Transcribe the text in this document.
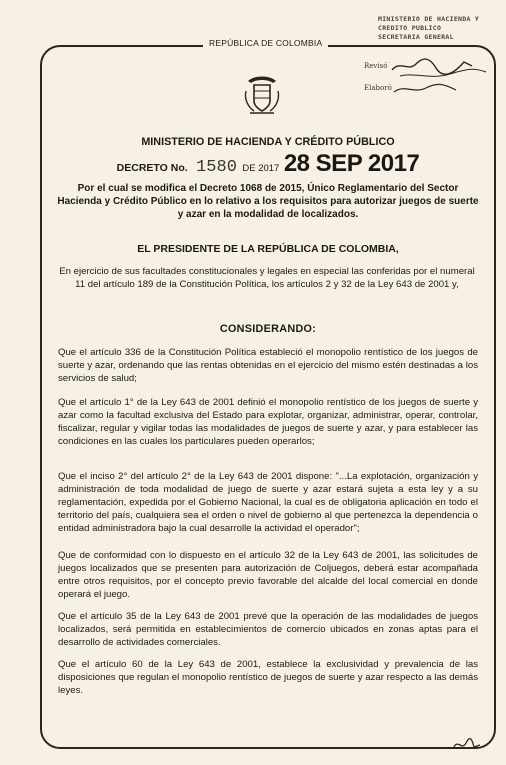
REPÚBLICA DE COLOMBIA
MINISTERIO DE HACIENDA Y CREDITO PUBLICO
SECRETARIA GENERAL
Revisó
Elaboró
MINISTERIO DE HACIENDA Y CRÉDITO PÚBLICO
DECRETO No. 1580 DE 2017 28 SEP 2017
Por el cual se modifica el Decreto 1068 de 2015, Único Reglamentario del Sector Hacienda y Crédito Público en lo relativo a los requisitos para autorizar juegos de suerte y azar en la modalidad de localizados.
EL PRESIDENTE DE LA REPÚBLICA DE COLOMBIA,
En ejercicio de sus facultades constitucionales y legales en especial las conferidas por el numeral 11 del artículo 189 de la Constitución Política, los artículos 2 y 32 de la Ley 643 de 2001 y,
CONSIDERANDO:
Que el artículo 336 de la Constitución Política estableció el monopolio rentístico de los juegos de suerte y azar, ordenando que las rentas obtenidas en el ejercicio del mismo estén destinadas a los servicios de salud;
Que el artículo 1° de la Ley 643 de 2001 definió el monopolio rentístico de los juegos de suerte y azar como la facultad exclusiva del Estado para explotar, organizar, administrar, operar, controlar, fiscalizar, regular y vigilar todas las modalidades de juegos de suerte y azar, y para establecer las condiciones en las cuales los particulares pueden operarlos;
Que el inciso 2° del artículo 2° de la Ley 643 de 2001 dispone: "...La explotación, organización y administración de toda modalidad de juego de suerte y azar estará sujeta a esta ley y a su reglamentación, expedida por el Gobierno Nacional, la cual es de obligatoria aplicación en todo el territorio del país, cualquiera sea el orden o nivel de gobierno al que pertenezca la dependencia o entidad administradora bajo la cual desarrolle la actividad el operador";
Que de conformidad con lo dispuesto en el artículo 32 de la Ley 643 de 2001, las solicitudes de juegos localizados que se presenten para autorización de Coljuegos, deberá estar acompañada entre otros requisitos, por el concepto previo favorable del alcalde del local comercial en donde operará el juego.
Que el artículo 35 de la Ley 643 de 2001 prevé que la operación de las modalidades de juegos localizados, será permitida en establecimientos de comercio ubicados en zonas aptas para el desarrollo de actividades comerciales.
Que el artículo 60 de la Ley 643 de 2001, establece la exclusividad y prevalencia de las disposiciones que regulan el monopolio rentístico de juegos de suerte y azar respecto a las demás leyes.
